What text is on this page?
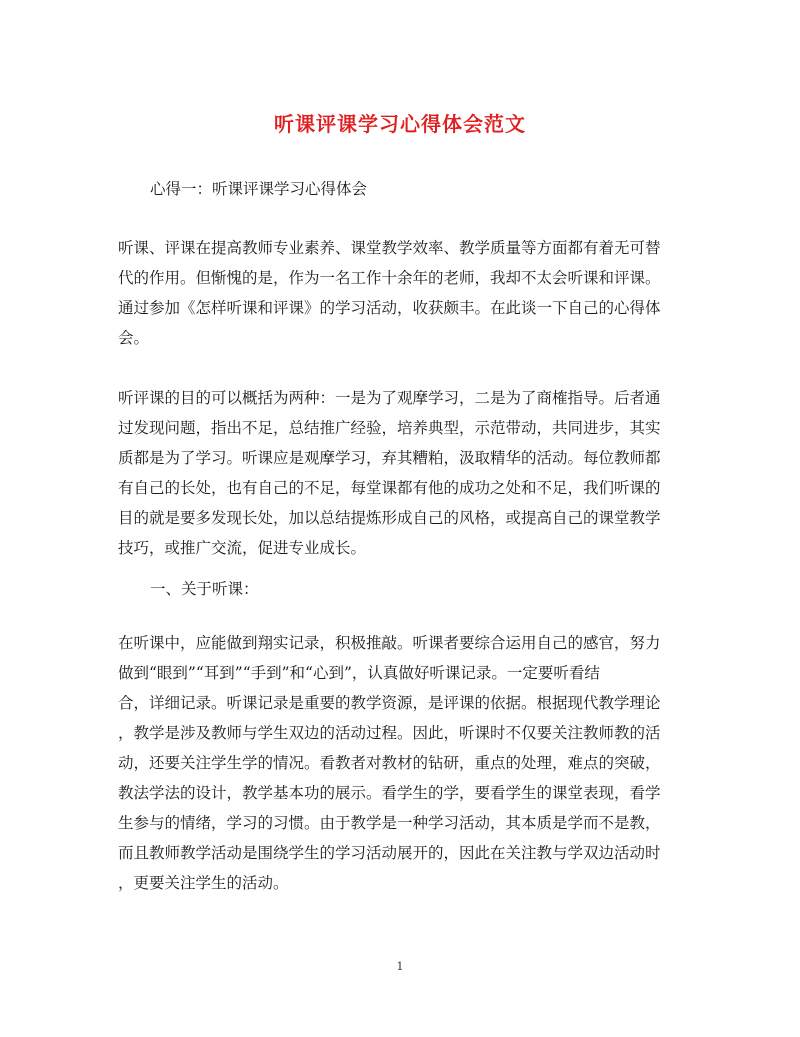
听课评课学习心得体会范文
心得一：听课评课学习心得体会
听课、评课在提高教师专业素养、课堂教学效率、教学质量等方面都有着无可替
代的作用。但惭愧的是，作为一名工作十余年的老师，我却不太会听课和评课。
通过参加《怎样听课和评课》的学习活动，收获颇丰。在此谈一下自己的心得体
会。
听评课的目的可以概括为两种：一是为了观摩学习，二是为了商榷指导。后者通
过发现问题，指出不足，总结推广经验，培养典型，示范带动，共同进步，其实
质都是为了学习。听课应是观摩学习，弃其糟粕，汲取精华的活动。每位教师都
有自己的长处，也有自己的不足，每堂课都有他的成功之处和不足，我们听课的
目的就是要多发现长处，加以总结提炼形成自己的风格，或提高自己的课堂教学
技巧，或推广交流，促进专业成长。
一、关于听课：
在听课中，应能做到翔实记录，积极推敲。听课者要综合运用自己的感官，努力
做到“眼到”“耳到”“手到”和“心到”，认真做好听课记录。一定要听看结
合，详细记录。听课记录是重要的教学资源，是评课的依据。根据现代教学理论
，教学是涉及教师与学生双边的活动过程。因此，听课时不仅要关注教师教的活
动，还要关注学生学的情况。看教者对教材的钻研，重点的处理，难点的突破，
教法学法的设计，教学基本功的展示。看学生的学，要看学生的课堂表现，看学
生参与的情绪，学习的习惯。由于教学是一种学习活动，其本质是学而不是教，
而且教师教学活动是围绕学生的学习活动展开的，因此在关注教与学双边活动时
，更要关注学生的活动。
1
